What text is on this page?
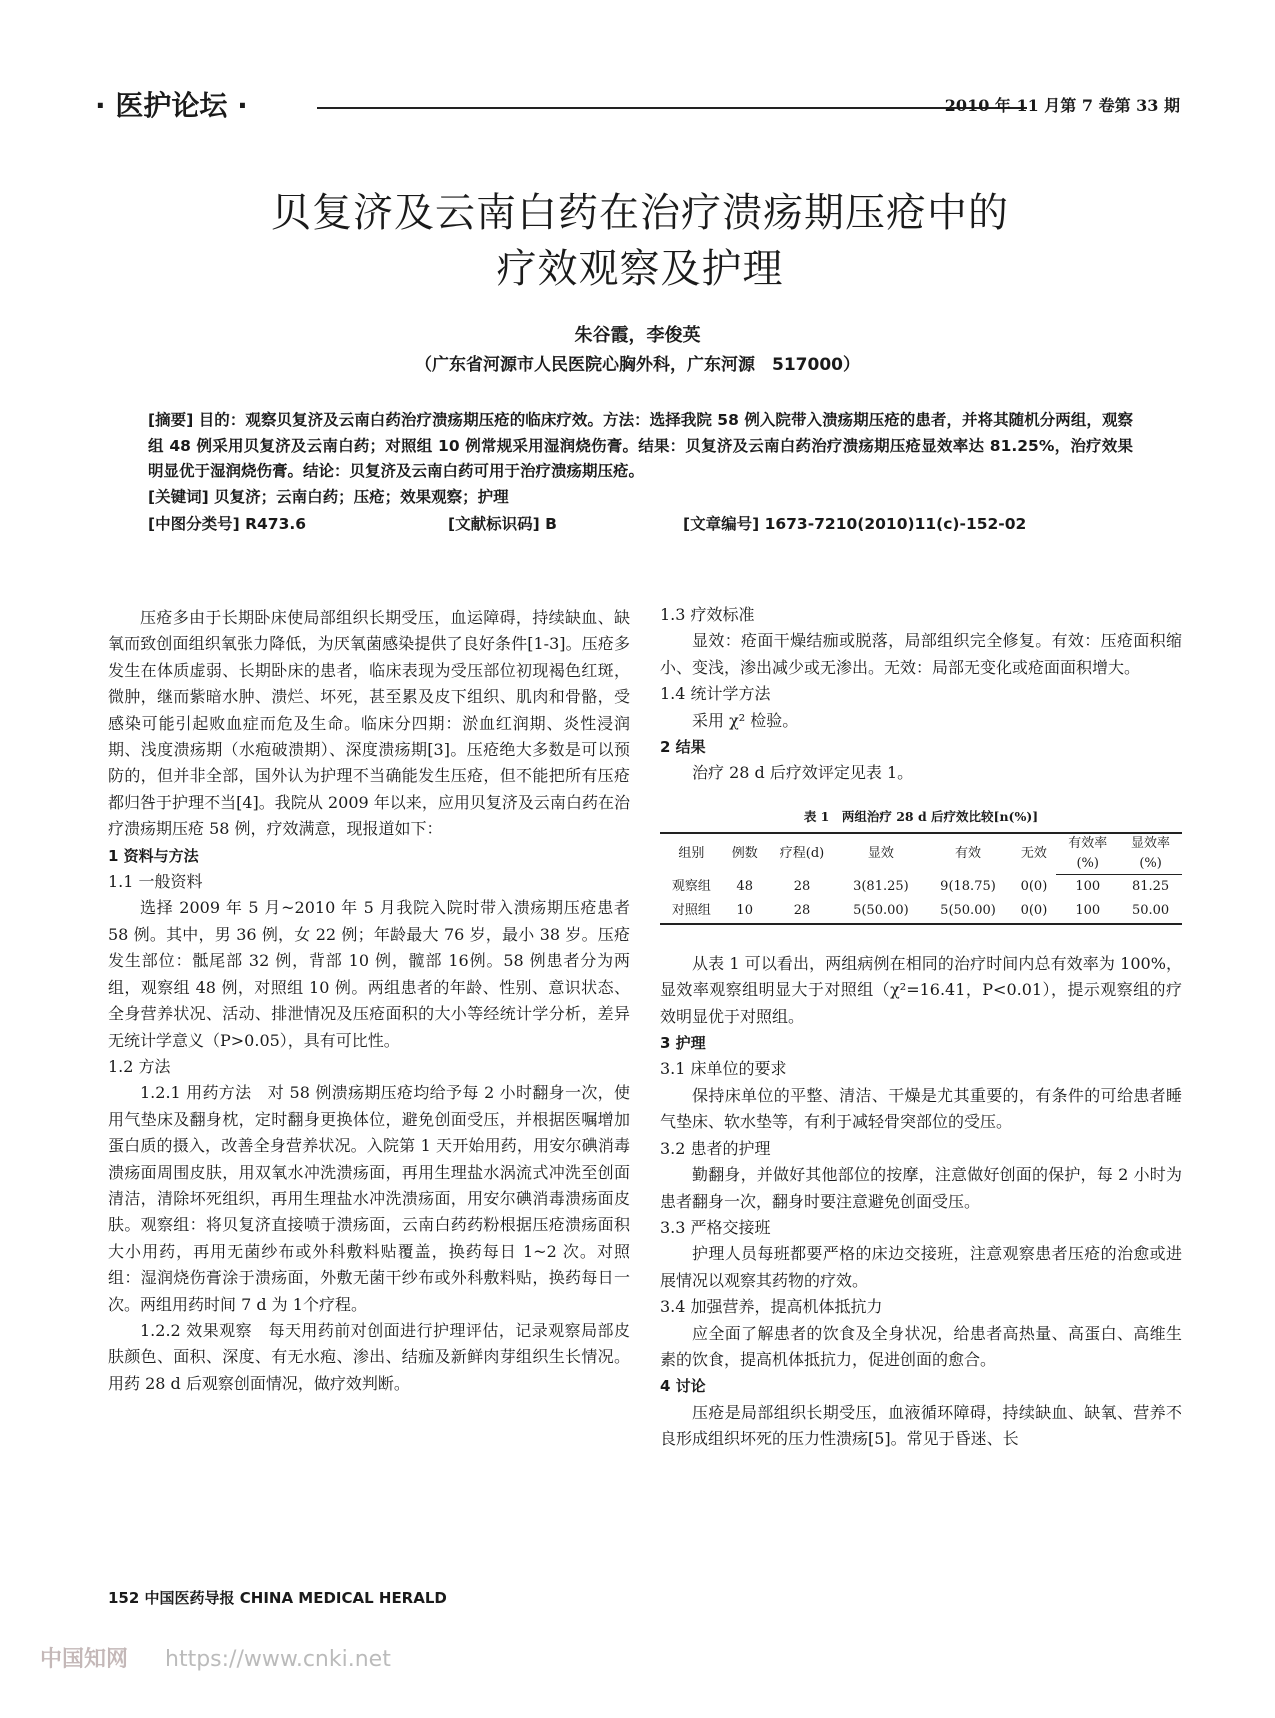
· 医护论坛 ·	2010 年 11 月第 7 卷第 33 期
贝复济及云南白药在治疗溃疡期压疮中的
疗效观察及护理
朱谷霞，李俊英
（广东省河源市人民医院心胸外科，广东河源　517000）

[摘要] 目的：观察贝复济及云南白药治疗溃疡期压疮的临床疗效。方法：选择我院 58 例入院带入溃疡期压疮的患者，并将其随机分两组，观察组 48 例采用贝复济及云南白药；对照组 10 例常规采用湿润烧伤膏。结果：贝复济及云南白药治疗溃疡期压疮显效率达 81.25%，治疗效果明显优于湿润烧伤膏。结论：贝复济及云南白药可用于治疗溃疡期压疮。

[关键词] 贝复济；云南白药；压疮；效果观察；护理

[中图分类号] R473.6	[文献标识码] B	[文章编号] 1673-7210(2010)11(c)-152-02

压疮多由于长期卧床使局部组织长期受压，血运障碍，持续缺血、缺氧而致创面组织氧张力降低，为厌氧菌感染提供了良好条件[1-3]。压疮多发生在体质虚弱、长期卧床的患者，临床表现为受压部位初现褐色红斑，微肿，继而紫暗水肿、溃烂、坏死，甚至累及皮下组织、肌肉和骨骼，受感染可能引起败血症而危及生命。临床分四期：淤血红润期、炎性浸润期、浅度溃疡期（水疱破溃期）、深度溃疡期[3]。压疮绝大多数是可以预防的，但并非全部，国外认为护理不当确能发生压疮，但不能把所有压疮都归咎于护理不当[4]。我院从 2009 年以来，应用贝复济及云南白药在治疗溃疡期压疮 58 例，疗效满意，现报道如下：

1 资料与方法
1.1 一般资料

选择 2009 年 5 月~2010 年 5 月我院入院时带入溃疡期压疮患者 58 例。其中，男 36 例，女 22 例；年龄最大 76 岁，最小 38 岁。压疮发生部位：骶尾部 32 例，背部 10 例，髋部 16例。58 例患者分为两组，观察组 48 例，对照组 10 例。两组患者的年龄、性别、意识状态、全身营养状况、活动、排泄情况及压疮面积的大小等经统计学分析，差异无统计学意义（P>0.05），具有可比性。

1.2 方法

1.2.1 用药方法　对 58 例溃疡期压疮均给予每 2 小时翻身一次，使用气垫床及翻身枕，定时翻身更换体位，避免创面受压，并根据医嘱增加蛋白质的摄入，改善全身营养状况。入院第 1 天开始用药，用安尔碘消毒溃疡面周围皮肤，用双氧水冲洗溃疡面，再用生理盐水涡流式冲洗至创面清洁，清除坏死组织，再用生理盐水冲洗溃疡面，用安尔碘消毒溃疡面皮肤。观察组：将贝复济直接喷于溃疡面，云南白药药粉根据压疮溃疡面积大小用药，再用无菌纱布或外科敷料贴覆盖，换药每日 1~2 次。对照组：湿润烧伤膏涂于溃疡面，外敷无菌干纱布或外科敷料贴，换药每日一次。两组用药时间 7 d 为 1个疗程。

1.2.2 效果观察　每天用药前对创面进行护理评估，记录观察局部皮肤颜色、面积、深度、有无水疱、渗出、结痂及新鲜肉芽组织生长情况。用药 28 d 后观察创面情况，做疗效判断。

1.3 疗效标准

显效：疮面干燥结痂或脱落，局部组织完全修复。有效：压疮面积缩小、变浅，渗出减少或无渗出。无效：局部无变化或疮面面积增大。

1.4 统计学方法

采用 χ² 检验。

2 结果

治疗 28 d 后疗效评定见表 1。

表 1　两组治疗 28 d 后疗效比较[n(%)]
组别	例数	疗程(d)	显效	有效	无效	有效率	显效率
						(%)	(%)
观察组	48	28	3(81.25)	9(18.75)	0(0)	100	81.25
对照组	10	28	5(50.00)	5(50.00)	0(0)	100	50.00

从表 1 可以看出，两组病例在相同的治疗时间内总有效率为 100%，显效率观察组明显大于对照组（χ²=16.41，P<0.01），提示观察组的疗效明显优于对照组。

3 护理
3.1 床单位的要求

保持床单位的平整、清洁、干燥是尤其重要的，有条件的可给患者睡气垫床、软水垫等，有利于减轻骨突部位的受压。

3.2 患者的护理

勤翻身，并做好其他部位的按摩，注意做好创面的保护，每 2 小时为患者翻身一次，翻身时要注意避免创面受压。

3.3 严格交接班

护理人员每班都要严格的床边交接班，注意观察患者压疮的治愈或进展情况以观察其药物的疗效。

3.4 加强营养，提高机体抵抗力

应全面了解患者的饮食及全身状况，给患者高热量、高蛋白、高维生素的饮食，提高机体抵抗力，促进创面的愈合。

4 讨论

压疮是局部组织长期受压，血液循环障碍，持续缺血、缺氧、营养不良形成组织坏死的压力性溃疡[5]。常见于昏迷、长

152 中国医药导报 CHINA MEDICAL HERALD
中国知网 https://www.cnki.net
